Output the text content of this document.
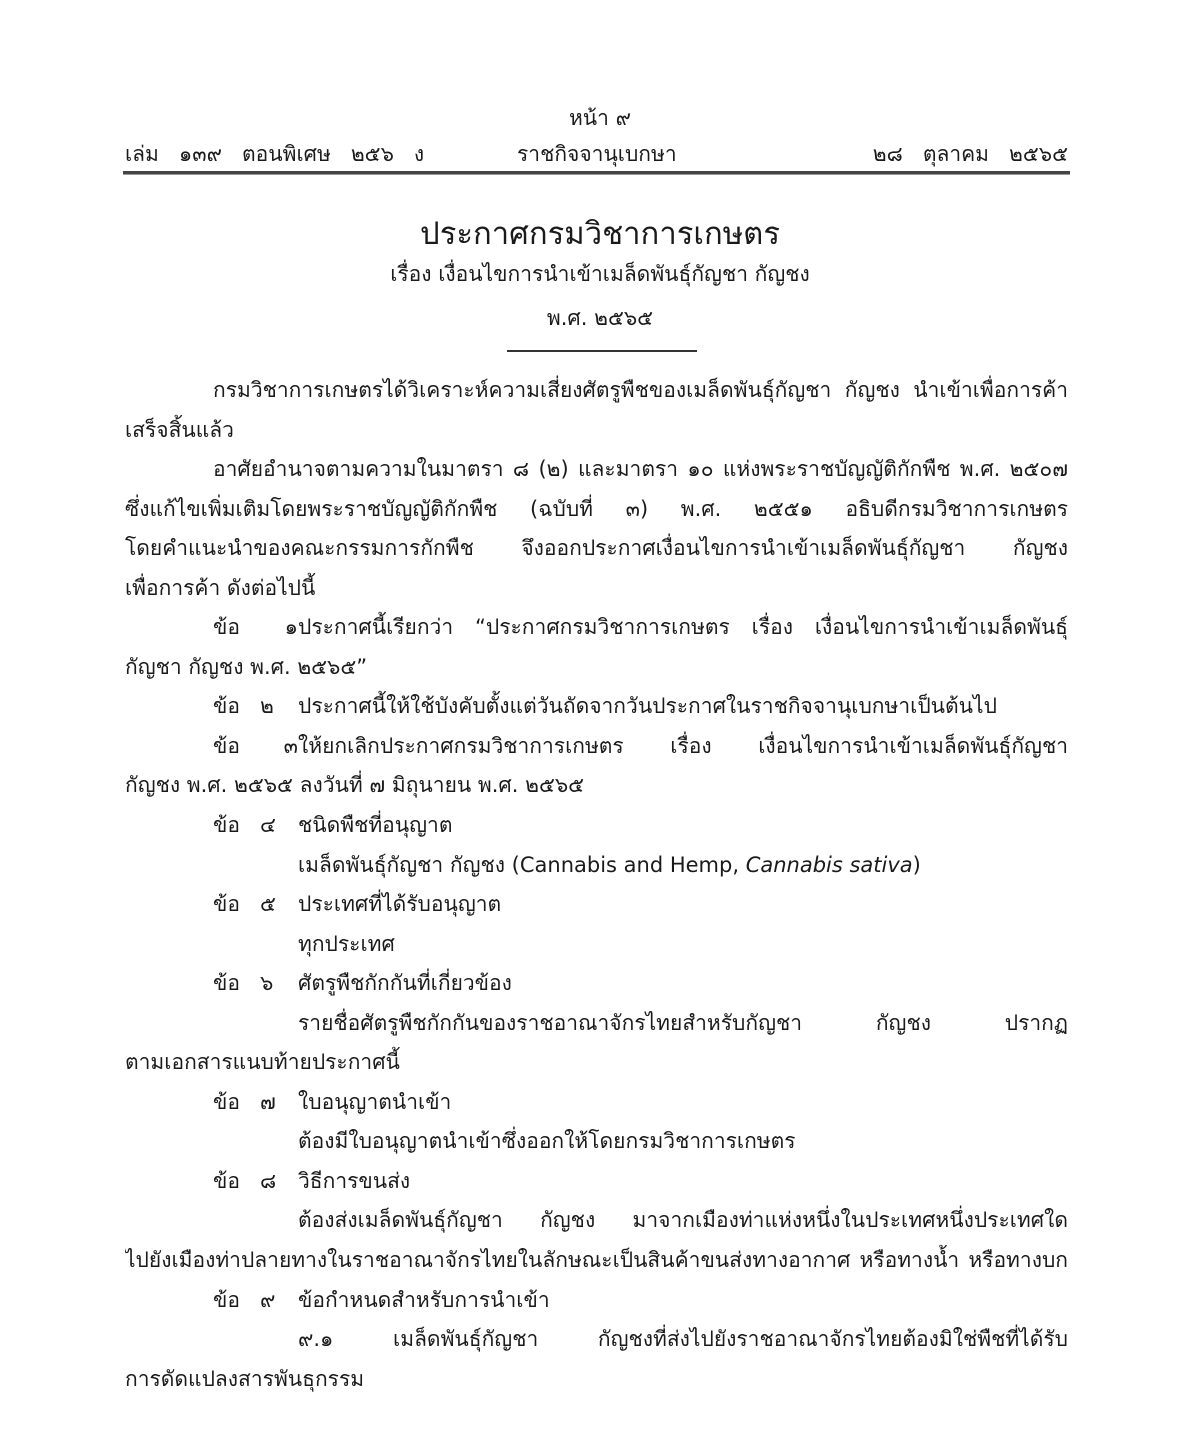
หน้า ๙
เล่ม   ๑๓๙   ตอนพิเศษ   ๒๕๖   ง	ราชกิจจานุเบกษา	๒๘   ตุลาคม   ๒๕๖๕
ประกาศกรมวิชาการเกษตร
เรื่อง เงื่อนไขการนำเข้าเมล็ดพันธุ์กัญชา กัญชง
พ.ศ. ๒๕๖๕
กรมวิชาการเกษตรได้วิเคราะห์ความเสี่ยงศัตรูพืชของเมล็ดพันธุ์กัญชา กัญชง นำเข้าเพื่อการค้า
เสร็จสิ้นแล้ว
อาศัยอำนาจตามความในมาตรา ๘ (๒) และมาตรา ๑๐ แห่งพระราชบัญญัติกักพืช พ.ศ. ๒๕๐๗
ซึ่งแก้ไขเพิ่มเติมโดยพระราชบัญญัติกักพืช (ฉบับที่ ๓) พ.ศ. ๒๕๕๑ อธิบดีกรมวิชาการเกษตร
โดยคำแนะนำของคณะกรรมการกักพืช จึงออกประกาศเงื่อนไขการนำเข้าเมล็ดพันธุ์กัญชา กัญชง
เพื่อการค้า ดังต่อไปนี้
ข้อ   ๑ ประกาศนี้เรียกว่า “ประกาศกรมวิชาการเกษตร เรื่อง เงื่อนไขการนำเข้าเมล็ดพันธุ์
กัญชา กัญชง พ.ศ. ๒๕๖๕”
ข้อ   ๒	ประกาศนี้ให้ใช้บังคับตั้งแต่วันถัดจากวันประกาศในราชกิจจานุเบกษาเป็นต้นไป
ข้อ   ๓ ให้ยกเลิกประกาศกรมวิชาการเกษตร เรื่อง เงื่อนไขการนำเข้าเมล็ดพันธุ์กัญชา
กัญชง พ.ศ. ๒๕๖๕ ลงวันที่ ๗ มิถุนายน พ.ศ. ๒๕๖๕
ข้อ   ๔	ชนิดพืชที่อนุญาต
เมล็ดพันธุ์กัญชา กัญชง (Cannabis and Hemp, Cannabis sativa)
ข้อ   ๕	ประเทศที่ได้รับอนุญาต
ทุกประเทศ
ข้อ   ๖	ศัตรูพืชกักกันที่เกี่ยวข้อง
รายชื่อศัตรูพืชกักกันของราชอาณาจักรไทยสำหรับกัญชา กัญชง ปรากฏ
ตามเอกสารแนบท้ายประกาศนี้
ข้อ   ๗	ใบอนุญาตนำเข้า
ต้องมีใบอนุญาตนำเข้าซึ่งออกให้โดยกรมวิชาการเกษตร
ข้อ   ๘	วิธีการขนส่ง
ต้องส่งเมล็ดพันธุ์กัญชา กัญชง มาจากเมืองท่าแห่งหนึ่งในประเทศหนึ่งประเทศใด
ไปยังเมืองท่าปลายทางในราชอาณาจักรไทยในลักษณะเป็นสินค้าขนส่งทางอากาศ หรือทางน้ำ หรือทางบก
ข้อ   ๙	ข้อกำหนดสำหรับการนำเข้า
๙.๑ เมล็ดพันธุ์กัญชา กัญชงที่ส่งไปยังราชอาณาจักรไทยต้องมิใช่พืชที่ได้รับ
การดัดแปลงสารพันธุกรรม
